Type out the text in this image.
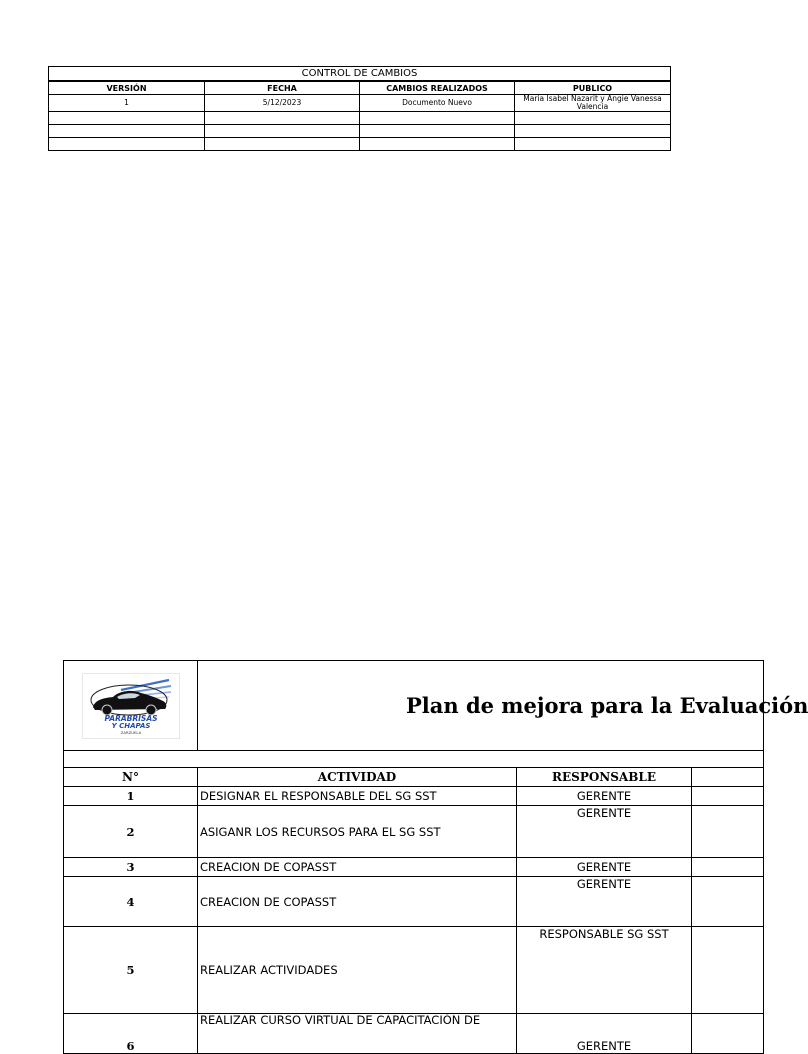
CONTROL DE CAMBIOS			
VERSIÓN	FECHA	CAMBIOS REALIZADOS	PUBLICO
1	5/12/2023	Documento Nuevo	María Isabel Nazarit y Angie Vanessa Valencia

PARABRISAS
Y CHAPAS
ZARZUELA	Plan de mejora para la Evaluación		

N°	ACTIVIDAD	RESPONSABLE	
1	DESIGNAR EL RESPONSABLE DEL SG SST	GERENTE	
2	ASIGANR LOS RECURSOS PARA EL SG SST	GERENTE	
3	CREACION DE COPASST	GERENTE	
4	CREACION DE COPASST	GERENTE	
5	REALIZAR ACTIVIDADES	RESPONSABLE SG SST	
6	REALIZAR CURSO VIRTUAL DE CAPACITACIÓN DE	GERENTE	
